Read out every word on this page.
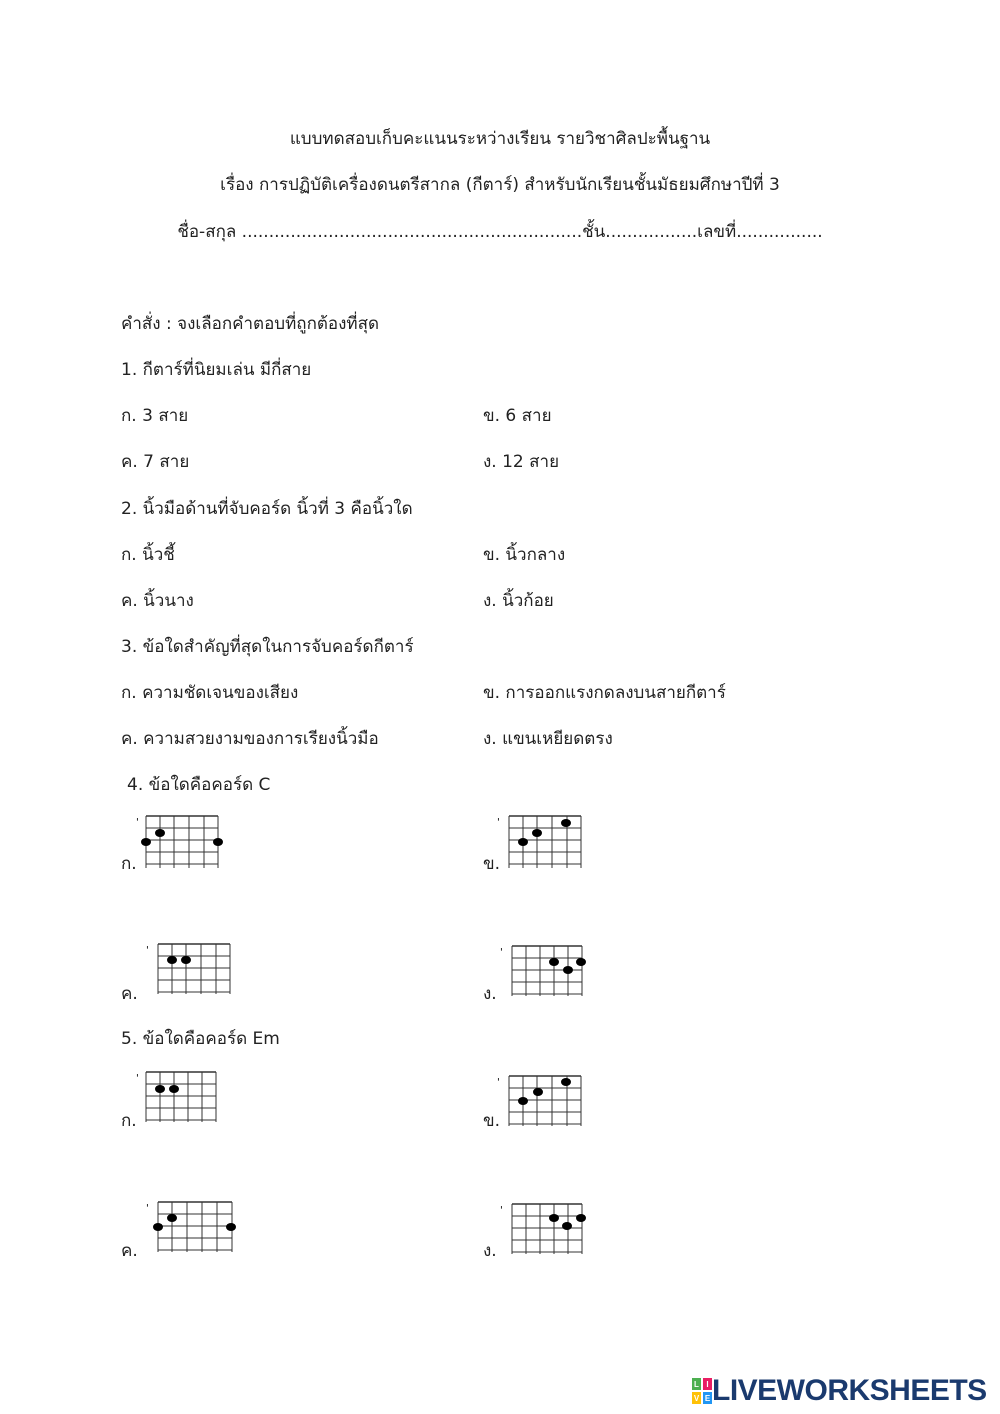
แบบทดสอบเก็บคะแนนระหว่างเรียน รายวิชาศิลปะพื้นฐาน
เรื่อง การปฏิบัติเครื่องดนตรีสากล (กีตาร์) สำหรับนักเรียนชั้นมัธยมศึกษาปีที่ 3
ชื่อ-สกุล ...............................................................ชั้น.................เลขที่................
คำสั่ง : จงเลือกคำตอบที่ถูกต้องที่สุด
1. กีตาร์ที่นิยมเล่น มีกี่สาย
ก. 3 สาย	ข. 6 สาย
ค. 7 สาย	ง. 12 สาย
2. นิ้วมือด้านที่จับคอร์ด นิ้วที่ 3 คือนิ้วใด
ก. นิ้วชี้	ข. นิ้วกลาง
ค. นิ้วนาง	ง. นิ้วก้อย
3. ข้อใดสำคัญที่สุดในการจับคอร์ดกีตาร์
ก. ความชัดเจนของเสียง	ข. การออกแรงกดลงบนสายกีตาร์
ค. ความสวยงามของการเรียงนิ้วมือ	ง. แขนเหยียดตรง
4. ข้อใดคือคอร์ด C
ก.	ข.
ค.	ง.
5. ข้อใดคือคอร์ด Em
ก.	ข.
ค.	ง.
'	'
'	'
'	'
'	'
L I
V E LIVEWORKSHEETS
